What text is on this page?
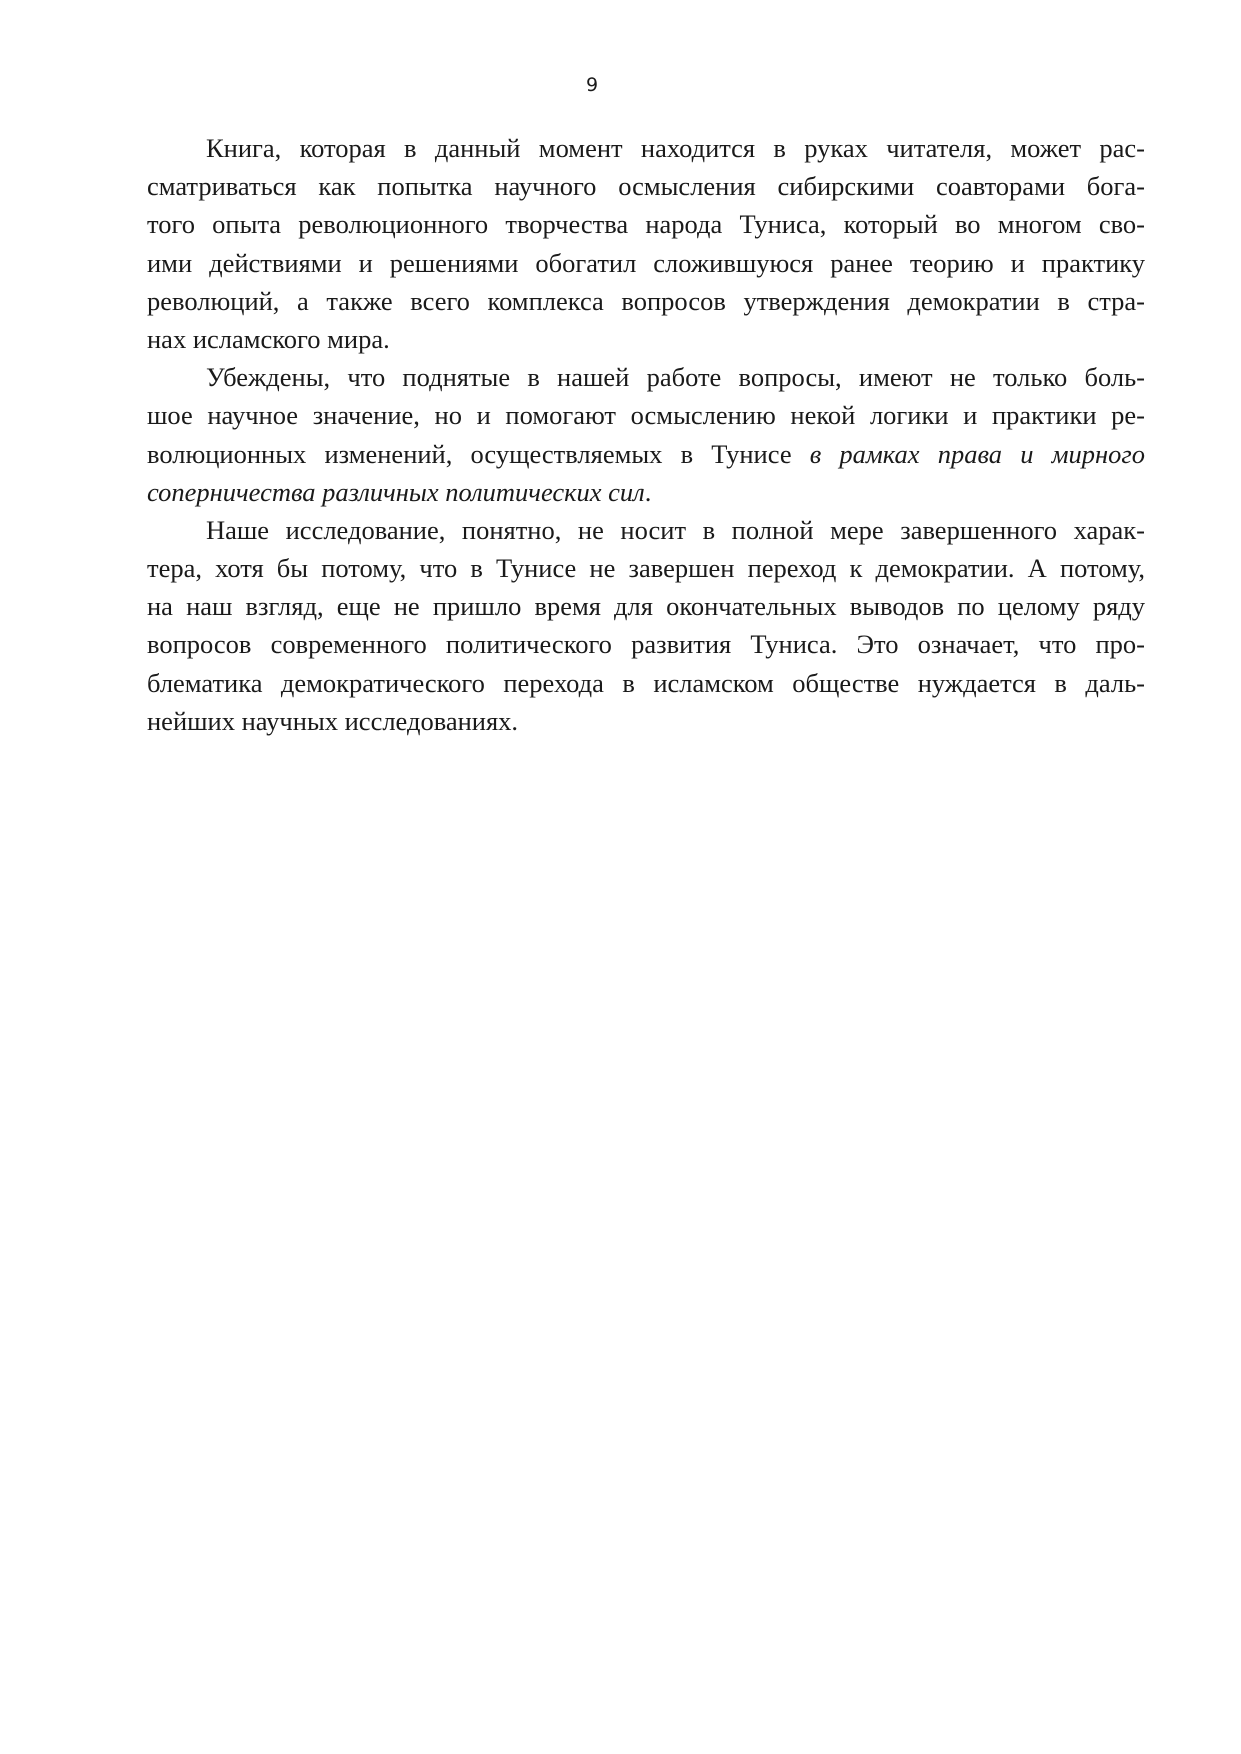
9
Книга, которая в данный момент находится в руках читателя, может рас-
сматриваться как попытка научного осмысления сибирскими соавторами бога-
того опыта революционного творчества народа Туниса, который во многом сво-
ими действиями и решениями обогатил сложившуюся ранее теорию и практику
революций, а также всего комплекса вопросов утверждения демократии в стра-
нах исламского мира.
Убеждены, что поднятые в нашей работе вопросы, имеют не только боль-
шое научное значение, но и помогают осмыслению некой логики и практики ре-
волюционных изменений, осуществляемых в Тунисе в рамках права и мирного
соперничества различных политических сил.
Наше исследование, понятно, не носит в полной мере завершенного харак-
тера, хотя бы потому, что в Тунисе не завершен переход к демократии. А потому,
на наш взгляд, еще не пришло время для окончательных выводов по целому ряду
вопросов современного политического развития Туниса. Это означает, что про-
блематика демократического перехода в исламском обществе нуждается в даль-
нейших научных исследованиях.
